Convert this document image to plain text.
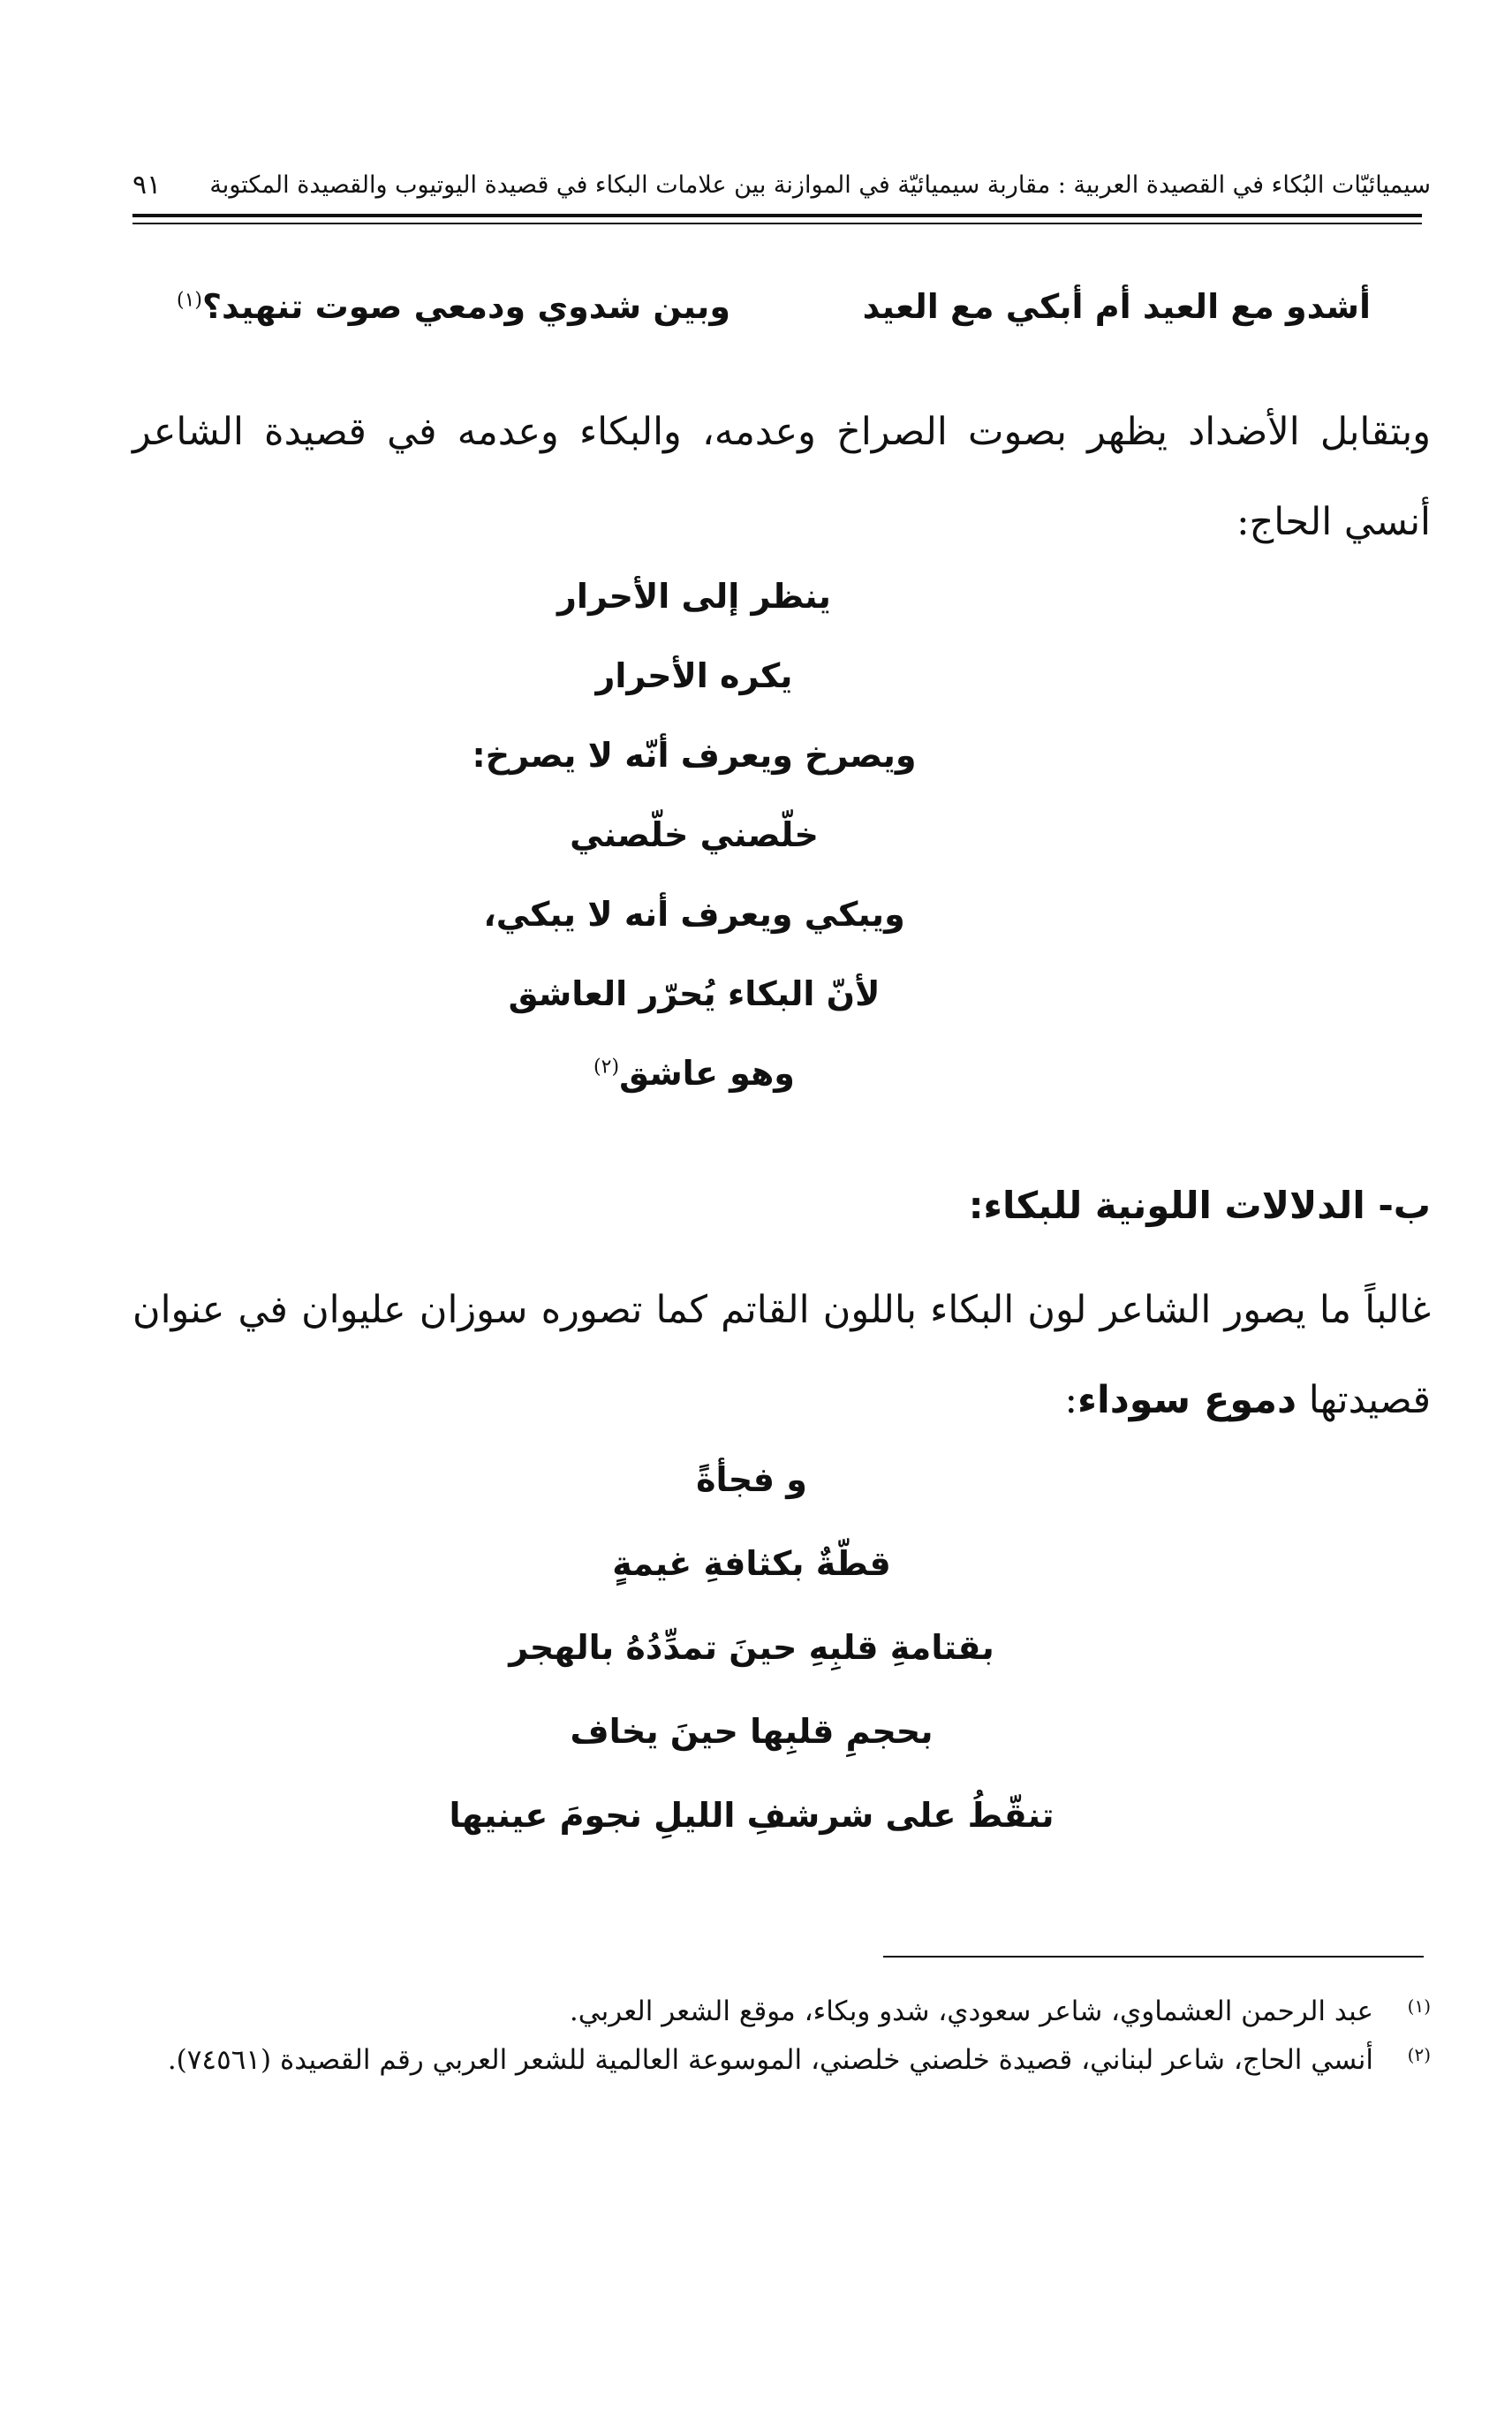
سيميائيّات البُكاء في القصيدة العربية : مقاربة سيميائيّة في الموازنة بين علامات البكاء في قصيدة اليوتيوب والقصيدة المكتوبة
٩١
أشدو مع العيد أم أبكي مع العيد
وبين شدوي ودمعي صوت تنهيد؟$^{(١)}$
وبتقابل الأضداد يظهر بصوت الصراخ وعدمه، والبكاء وعدمه في قصيدة الشاعر أنسي الحاج:
ينظر إلى الأحرار
يكره الأحرار
ويصرخ ويعرف أنّه لا يصرخ:
خلّصني خلّصني
ويبكي ويعرف أنه لا يبكي،
لأنّ البكاء يُحرّر العاشق
وهو عاشق$^{(٢)}$
ب- الدلالات اللونية للبكاء:
غالباً ما يصور الشاعر لون البكاء باللون القاتم كما تصوره سوزان عليوان في عنوان قصيدتها دموع سوداء:
و فجأةً
قطّةٌ بكثافةِ غيمةٍ
بقتامةِ قلبِهِ حينَ تمدِّدُهُ بالهجر
بحجمِ قلبِها حينَ يخاف
تنقّطُ على شرشفِ الليلِ نجومَ عينيها
(١)
عبد الرحمن العشماوي، شاعر سعودي، شدو وبكاء، موقع الشعر العربي.
(٢)
أنسي الحاج، شاعر لبناني، قصيدة خلصني خلصني، الموسوعة العالمية للشعر العربي رقم القصيدة (٧٤٥٦١).
